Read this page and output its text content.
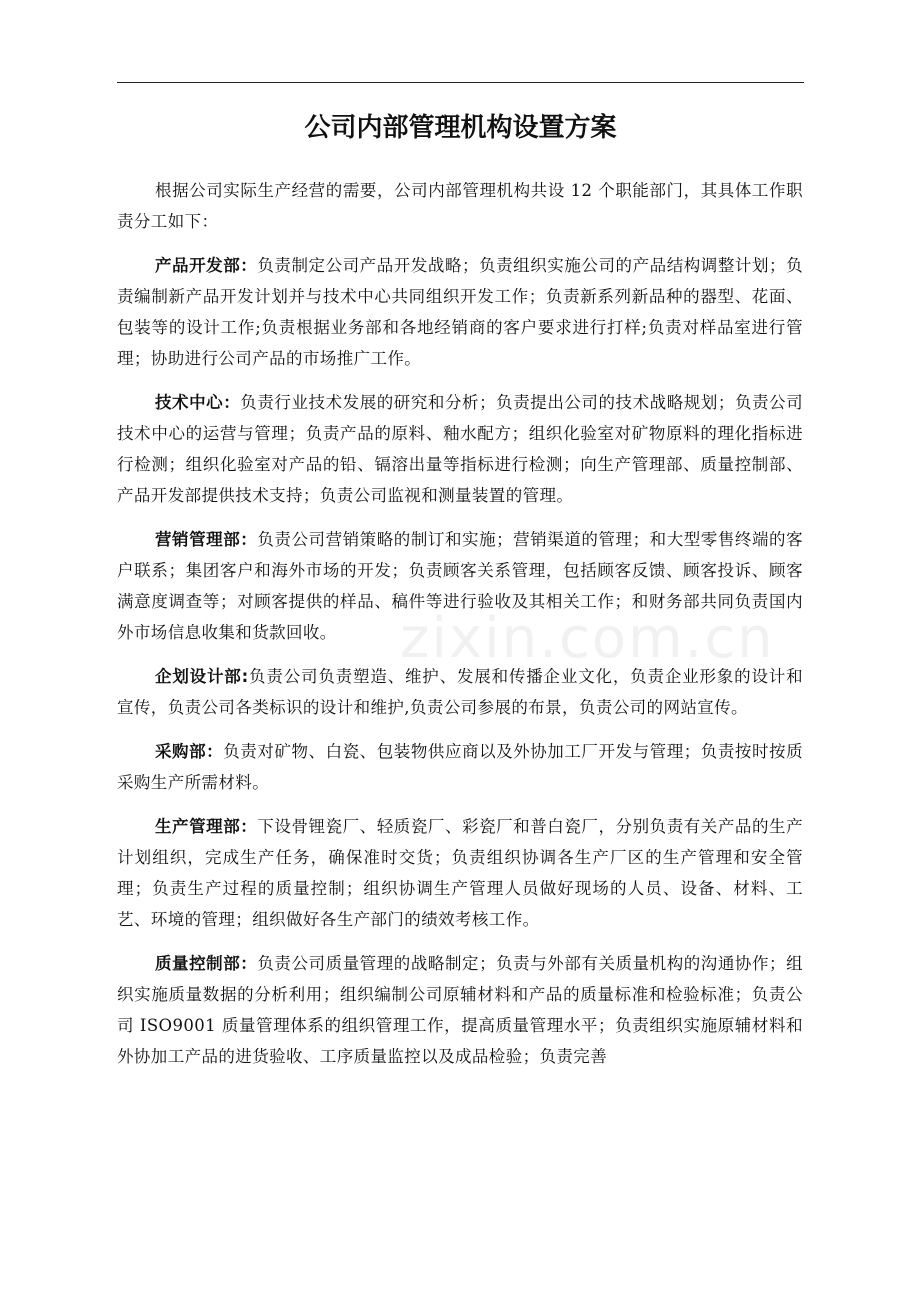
公司内部管理机构设置方案

根据公司实际生产经营的需要，公司内部管理机构共设 12 个职能部门，其具体工作职责分工如下：

产品开发部：负责制定公司产品开发战略；负责组织实施公司的产品结构调整计划；负责编制新产品开发计划并与技术中心共同组织开发工作；负责新系列新品种的器型、花面、包装等的设计工作;负责根据业务部和各地经销商的客户要求进行打样;负责对样品室进行管理；协助进行公司产品的市场推广工作。

技术中心：负责行业技术发展的研究和分析；负责提出公司的技术战略规划；负责公司技术中心的运营与管理；负责产品的原料、釉水配方；组织化验室对矿物原料的理化指标进行检测；组织化验室对产品的铅、镉溶出量等指标进行检测；向生产管理部、质量控制部、产品开发部提供技术支持；负责公司监视和测量装置的管理。

营销管理部：负责公司营销策略的制订和实施；营销渠道的管理；和大型零售终端的客户联系；集团客户和海外市场的开发；负责顾客关系管理，包括顾客反馈、顾客投诉、顾客满意度调查等；对顾客提供的样品、稿件等进行验收及其相关工作；和财务部共同负责国内外市场信息收集和货款回收。

企划设计部:负责公司负责塑造、维护、发展和传播企业文化，负责企业形象的设计和宣传，负责公司各类标识的设计和维护,负责公司参展的布景，负责公司的网站宣传。

采购部：负责对矿物、白瓷、包装物供应商以及外协加工厂开发与管理；负责按时按质采购生产所需材料。

生产管理部：下设骨锂瓷厂、轻质瓷厂、彩瓷厂和普白瓷厂，分别负责有关产品的生产计划组织，完成生产任务，确保准时交货；负责组织协调各生产厂区的生产管理和安全管理；负责生产过程的质量控制；组织协调生产管理人员做好现场的人员、设备、材料、工艺、环境的管理；组织做好各生产部门的绩效考核工作。

质量控制部：负责公司质量管理的战略制定；负责与外部有关质量机构的沟通协作；组织实施质量数据的分析利用；组织编制公司原辅材料和产品的质量标准和检验标准；负责公司 ISO9001 质量管理体系的组织管理工作，提高质量管理水平；负责组织实施原辅材料和外协加工产品的进货验收、工序质量监控以及成品检验；负责完善

zixin.com.cn
